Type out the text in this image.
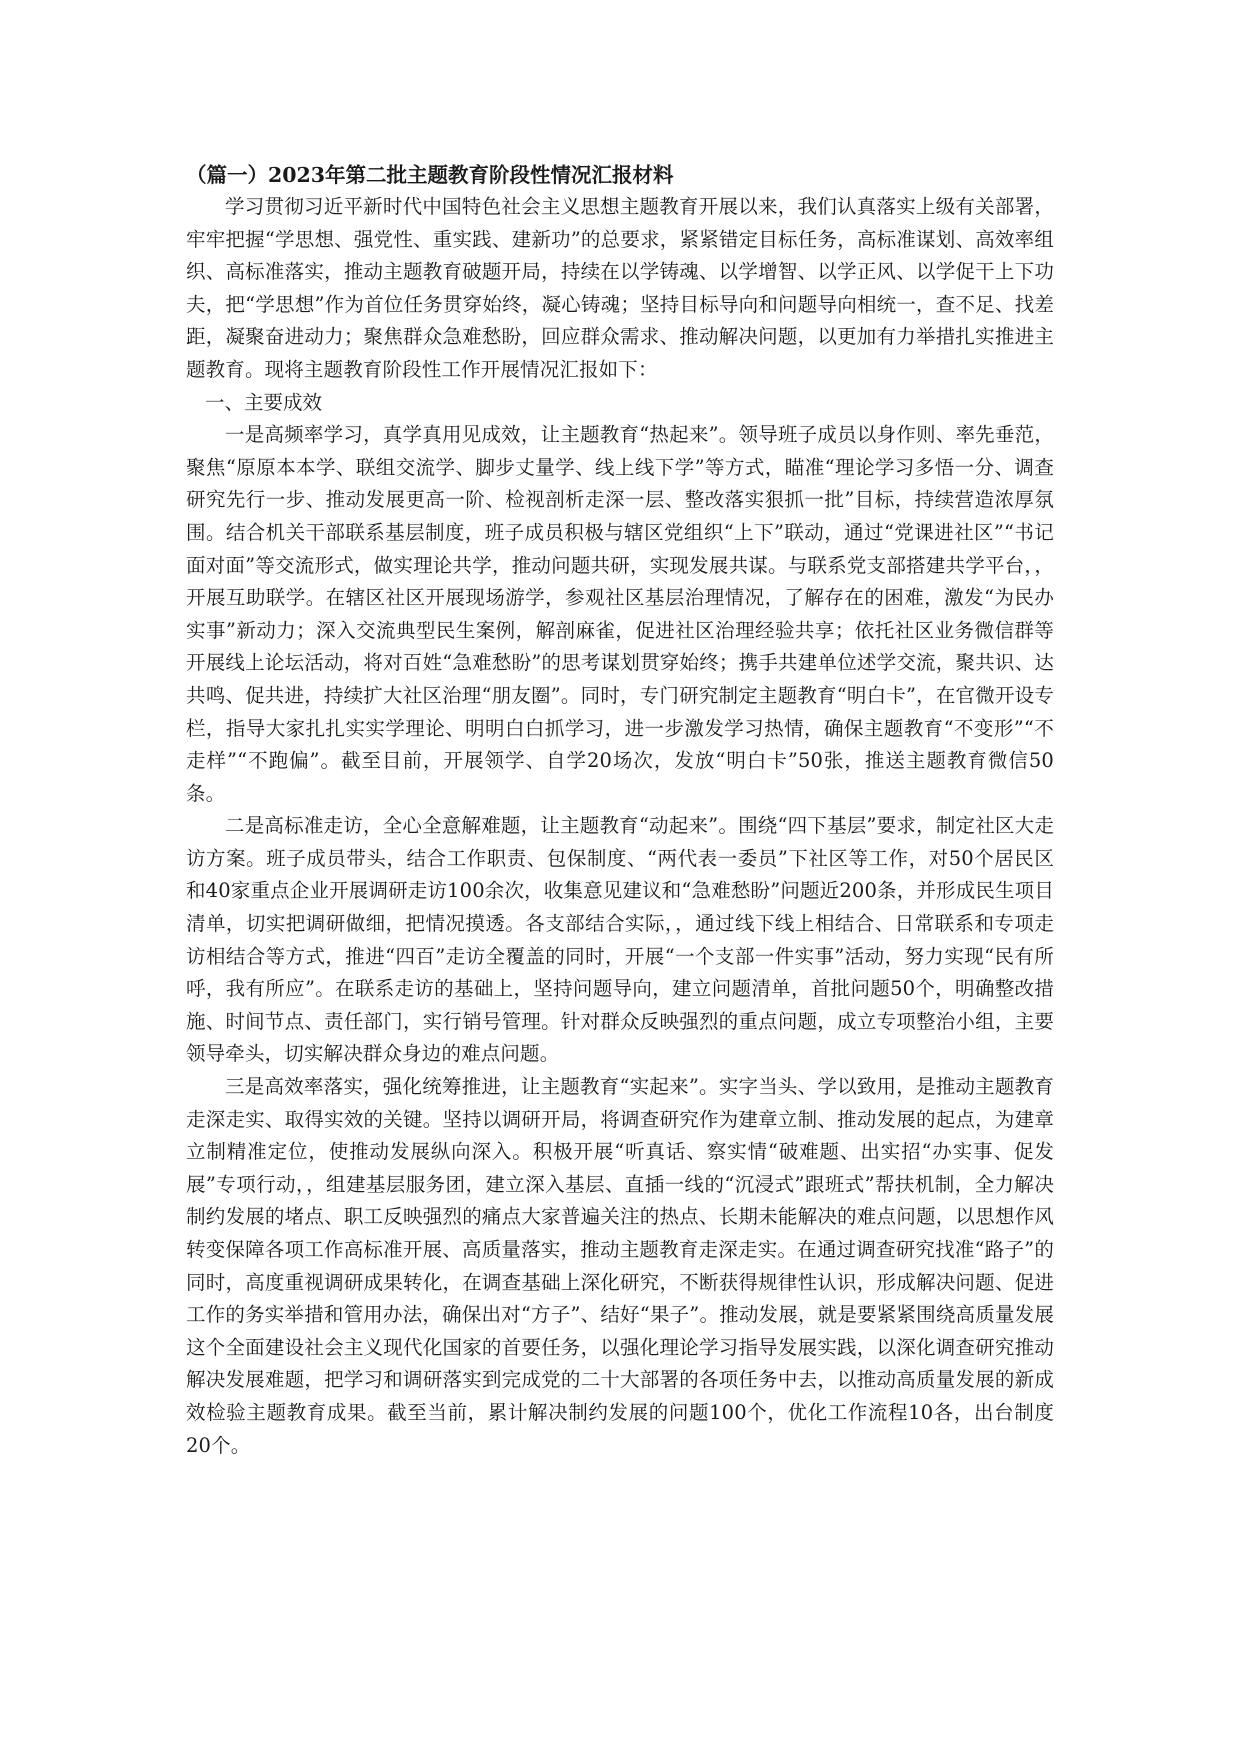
（篇一）2023年第二批主题教育阶段性情况汇报材料

学习贯彻习近平新时代中国特色社会主义思想主题教育开展以来，我们认真落实上级有关部署，牢牢把握“学思想、强党性、重实践、建新功”的总要求，紧紧错定目标任务，高标准谋划、高效率组织、高标准落实，推动主题教育破题开局，持续在以学铸魂、以学增智、以学正风、以学促干上下功夫，把“学思想”作为首位任务贯穿始终，凝心铸魂；坚持目标导向和问题导向相统一，查不足、找差距，凝聚奋进动力；聚焦群众急难愁盼，回应群众需求、推动解决问题，以更加有力举措扎实推进主题教育。现将主题教育阶段性工作开展情况汇报如下：

一、主要成效

一是高频率学习，真学真用见成效，让主题教育“热起来”。领导班子成员以身作则、率先垂范，聚焦“原原本本学、联组交流学、脚步丈量学、线上线下学”等方式，瞄准“理论学习多悟一分、调查研究先行一步、推动发展更高一阶、检视剖析走深一层、整改落实狠抓一批”目标，持续营造浓厚氛围。结合机关干部联系基层制度，班子成员积极与辖区党组织“上下”联动，通过“党课进社区”“书记面对面”等交流形式，做实理论共学，推动问题共研，实现发展共谋。与联系党支部搭建共学平台，，开展互助联学。在辖区社区开展现场游学，参观社区基层治理情况，了解存在的困难，激发“为民办实事”新动力；深入交流典型民生案例，解剖麻雀，促进社区治理经验共享；依托社区业务微信群等开展线上论坛活动，将对百姓“急难愁盼”的思考谋划贯穿始终；携手共建单位述学交流，聚共识、达共鸣、促共进，持续扩大社区治理“朋友圈”。同时，专门研究制定主题教育“明白卡”，在官微开设专栏，指导大家扎扎实实学理论、明明白白抓学习，进一步激发学习热情，确保主题教育“不变形”“不走样”“不跑偏”。截至目前，开展领学、自学20场次，发放“明白卡”50张，推送主题教育微信50条。

二是高标准走访，全心全意解难题，让主题教育“动起来”。围绕“四下基层”要求，制定社区大走访方案。班子成员带头，结合工作职责、包保制度、“两代表一委员”下社区等工作，对50个居民区和40家重点企业开展调研走访100余次，收集意见建议和“急难愁盼”问题近200条，并形成民生项目清单，切实把调研做细，把情况摸透。各支部结合实际，，通过线下线上相结合、日常联系和专项走访相结合等方式，推进“四百”走访全覆盖的同时，开展“一个支部一件实事”活动，努力实现“民有所呼，我有所应”。在联系走访的基础上，坚持问题导向，建立问题清单，首批问题50个，明确整改措施、时间节点、责任部门，实行销号管理。针对群众反映强烈的重点问题，成立专项整治小组，主要领导牵头，切实解决群众身边的难点问题。

三是高效率落实，强化统筹推进，让主题教育“实起来”。实字当头、学以致用，是推动主题教育走深走实、取得实效的关键。坚持以调研开局，将调查研究作为建章立制、推动发展的起点，为建章立制精准定位，使推动发展纵向深入。积极开展“听真话、察实情“破难题、出实招“办实事、促发展”专项行动，，组建基层服务团，建立深入基层、直插一线的“沉浸式”跟班式”帮扶机制，全力解决制约发展的堵点、职工反映强烈的痛点大家普遍关注的热点、长期未能解决的难点问题，以思想作风转变保障各项工作高标准开展、高质量落实，推动主题教育走深走实。在通过调查研究找准“路子”的同时，高度重视调研成果转化，在调查基础上深化研究，不断获得规律性认识，形成解决问题、促进工作的务实举措和管用办法，确保出对“方子”、结好“果子”。推动发展，就是要紧紧围绕高质量发展这个全面建设社会主义现代化国家的首要任务，以强化理论学习指导发展实践，以深化调查研究推动解决发展难题，把学习和调研落实到完成党的二十大部署的各项任务中去，以推动高质量发展的新成效检验主题教育成果。截至当前，累计解决制约发展的问题100个，优化工作流程10各，出台制度20个。
